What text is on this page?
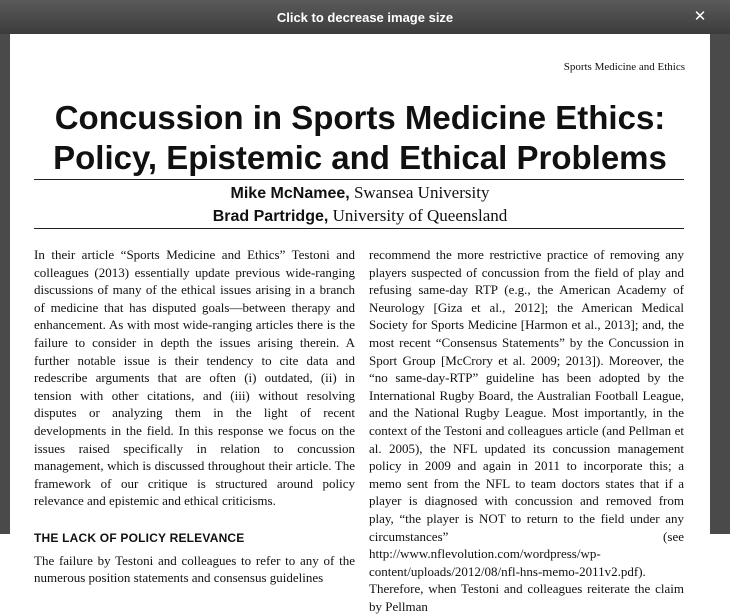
Click to decrease image size	✕
Sports Medicine and Ethics
Concussion in Sports Medicine Ethics:
Policy, Epistemic and Ethical Problems
Mike McNamee, Swansea University
Brad Partridge, University of Queensland

In their article “Sports Medicine and Ethics” Testoni and colleagues (2013) essentially update previous wide-ranging discussions of many of the ethical issues arising in a branch of medicine that has disputed goals—between therapy and enhancement. As with most wide-ranging articles there is the failure to consider in depth the issues arising therein. A further notable issue is their tendency to cite data and redescribe arguments that are often (i) outdated, (ii) in tension with other citations, and (iii) without resolving disputes or analyzing them in the light of recent developments in the field. In this response we focus on the issues raised specifically in relation to concussion management, which is discussed throughout their article. The framework of our critique is structured around policy relevance and epistemic and ethical criticisms.

THE LACK OF POLICY RELEVANCE

The failure by Testoni and colleagues to refer to any of the numerous position statements and consensus guidelines

recommend the more restrictive practice of removing any players suspected of concussion from the field of play and refusing same-day RTP (e.g., the American Academy of Neurology [Giza et al., 2012]; the American Medical Society for Sports Medicine [Harmon et al., 2013]; and, the most recent “Consensus Statements” by the Concussion in Sport Group [McCrory et al. 2009; 2013]). Moreover, the “no same-day-RTP” guideline has been adopted by the International Rugby Board, the Australian Football League, and the National Rugby League. Most importantly, in the context of the Testoni and colleagues article (and Pellman et al. 2005), the NFL updated its concussion management policy in 2009 and again in 2011 to incorporate this; a memo sent from the NFL to team doctors states that if a player is diagnosed with concussion and removed from play, “the player is NOT to return to the field under any circumstances” (see http://www.nflevolution.com/wordpress/wp-content/uploads/2012/08/nfl-hns-memo-2011v2.pdf). Therefore, when Testoni and colleagues reiterate the claim by Pellman
